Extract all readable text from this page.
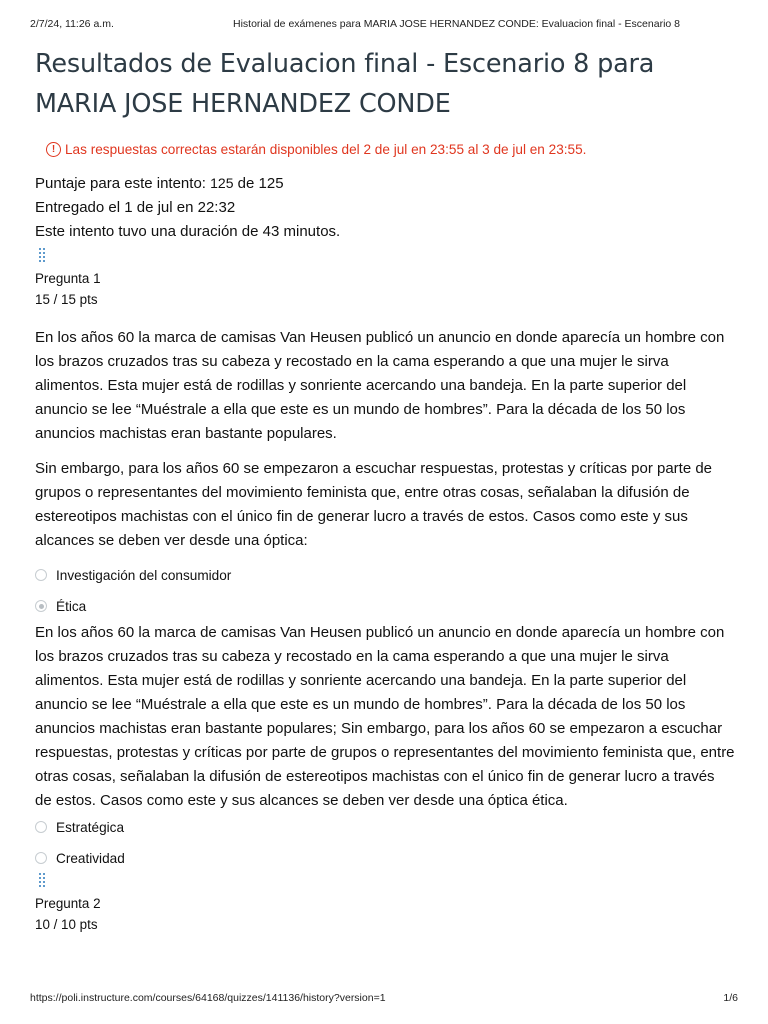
2/7/24, 11:26 a.m.	Historial de exámenes para MARIA JOSE HERNANDEZ CONDE: Evaluacion final - Escenario 8
Resultados de Evaluacion final - Escenario 8 para MARIA JOSE HERNANDEZ CONDE
! Las respuestas correctas estarán disponibles del 2 de jul en 23:55 al 3 de jul en 23:55.
Puntaje para este intento: 125 de 125
Entregado el 1 de jul en 22:32
Este intento tuvo una duración de 43 minutos.
Pregunta 1
15 / 15 pts

En los años 60 la marca de camisas Van Heusen publicó un anuncio en donde aparecía un hombre con los brazos cruzados tras su cabeza y recostado en la cama esperando a que una mujer le sirva alimentos. Esta mujer está de rodillas y sonriente acercando una bandeja. En la parte superior del anuncio se lee “Muéstrale a ella que este es un mundo de hombres”. Para la década de los 50 los anuncios machistas eran bastante populares.

Sin embargo, para los años 60 se empezaron a escuchar respuestas, protestas y críticas por parte de grupos o representantes del movimiento feminista que, entre otras cosas, señalaban la difusión de estereotipos machistas con el único fin de generar lucro a través de estos. Casos como este y sus alcances se deben ver desde una óptica:

Investigación del consumidor
Ética
En los años 60 la marca de camisas Van Heusen publicó un anuncio en donde aparecía un hombre con los brazos cruzados tras su cabeza y recostado en la cama esperando a que una mujer le sirva alimentos. Esta mujer está de rodillas y sonriente acercando una bandeja. En la parte superior del anuncio se lee “Muéstrale a ella que este es un mundo de hombres”. Para la década de los 50 los anuncios machistas eran bastante populares; Sin embargo, para los años 60 se empezaron a escuchar respuestas, protestas y críticas por parte de grupos o representantes del movimiento feminista que, entre otras cosas, señalaban la difusión de estereotipos machistas con el único fin de generar lucro a través de estos. Casos como este y sus alcances se deben ver desde una óptica ética.
Estratégica
Creatividad
Pregunta 2
10 / 10 pts
https://poli.instructure.com/courses/64168/quizzes/141136/history?version=1	1/6
